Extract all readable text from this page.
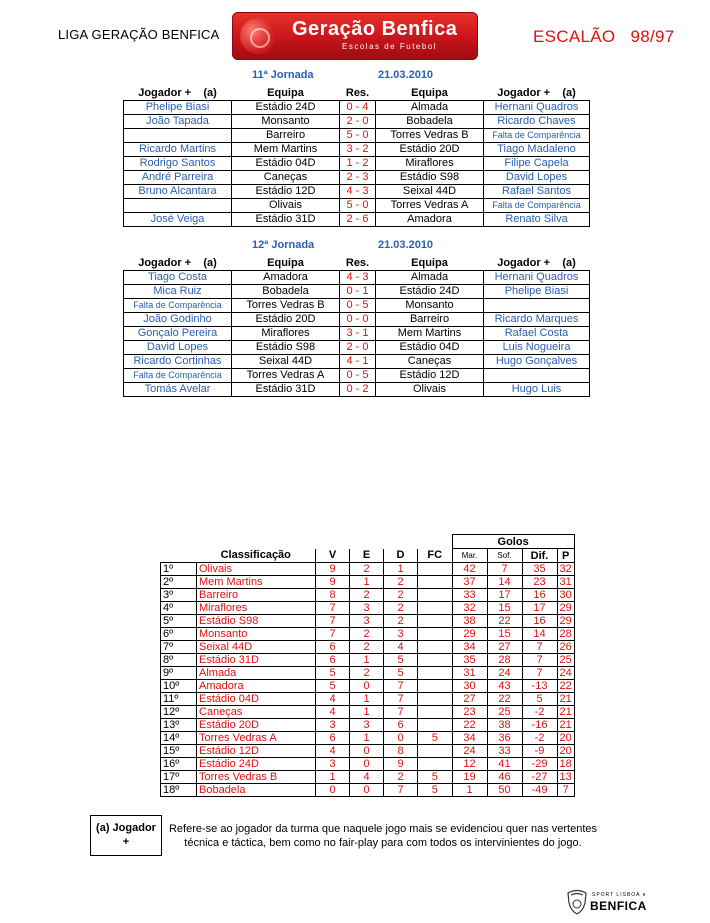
LIGA GERAÇÃO BENFICA	Geração Benfica
Escolas de Futebol
ESCALÃO   98/97
11ª Jornada	21.03.2010
Jogador +    (a)	Equipa	Res.	Equipa	Jogador +    (a)
Phelipe Biasi	Estádio 24D	0 - 4	Almada	Hernani Quadros
João Tapada	Monsanto	2 - 0	Bobadela	Ricardo Chaves
	Barreiro	5 - 0	Torres Vedras B	Falta de Comparência
Ricardo Martins	Mem Martins	3 - 2	Estádio 20D	Tiago Madaleno
Rodrigo Santos	Estádio 04D	1 - 2	Miraflores	Filipe Capela
André Parreira	Caneças	2 - 3	Estádio S98	David Lopes
Bruno Alcantara	Estádio 12D	4 - 3	Seixal 44D	Rafael Santos
	Olivais	5 - 0	Torres Vedras A	Falta de Comparência
José Veiga	Estádio 31D	2 - 6	Amadora	Renato Silva
12ª Jornada	21.03.2010
Jogador +    (a)	Equipa	Res.	Equipa	Jogador +    (a)
Tiago Costa	Amadora	4 - 3	Almada	Hernani Quadros
Mica Ruiz	Bobadela	0 - 1	Estádio 24D	Phelipe Biasi
Falta de Comparência	Torres Vedras B	0 - 5	Monsanto	
João Godinho	Estádio 20D	0 - 0	Barreiro	Ricardo Marques
Gonçalo Pereira	Miraflores	3 - 1	Mem Martins	Rafael Costa
David Lopes	Estádio S98	2 - 0	Estádio 04D	Luis Nogueira
Ricardo Cortinhas	Seixal 44D	4 - 1	Caneças	Hugo Gonçalves
Falta de Comparência	Torres Vedras A	0 - 5	Estádio 12D	
Tomás Avelar	Estádio 31D	0 - 2	Olivais	Hugo Luis
						Golos				
	Classificação	V	E	D	FC	Mar.	Sof.	Dif.	P	
1º	Olivais	9	2	1		42	7	35	32	
2º	Mem Martins	9	1	2		37	14	23	31	
3º	Barreiro	8	2	2		33	17	16	30	
4º	Miraflores	7	3	2		32	15	17	29	
5º	Estádio S98	7	3	2		38	22	16	29	
6º	Monsanto	7	2	3		29	15	14	28	
7º	Seixal 44D	6	2	4		34	27	7	26	
8º	Estádio 31D	6	1	5		35	28	7	25	
9º	Almada	5	2	5		31	24	7	24	
10º	Amadora	5	0	7		30	43	-13	22	
11º	Estádio 04D	4	1	7		27	22	5	21	
12º	Caneças	4	1	7		23	25	-2	21	
13º	Estádio 20D	3	3	6		22	38	-16	21	
14º	Torres Vedras A	6	1	0	5	34	36	-2	20	
15º	Estádio 12D	4	0	8		24	33	-9	20	
16º	Estádio 24D	3	0	9		12	41	-29	18	
17º	Torres Vedras B	1	4	2	5	19	46	-27	13	
18º	Bobadela	0	0	7	5	1	50	-49	7	
(a) Jogador
+
Refere-se ao jogador da turma que naquele jogo mais se evidenciou quer nas vertentes
técnica e táctica, bem como no fair-play para com todos os intervinientes do jogo.
SPORT LISBOA e
BENFICA
